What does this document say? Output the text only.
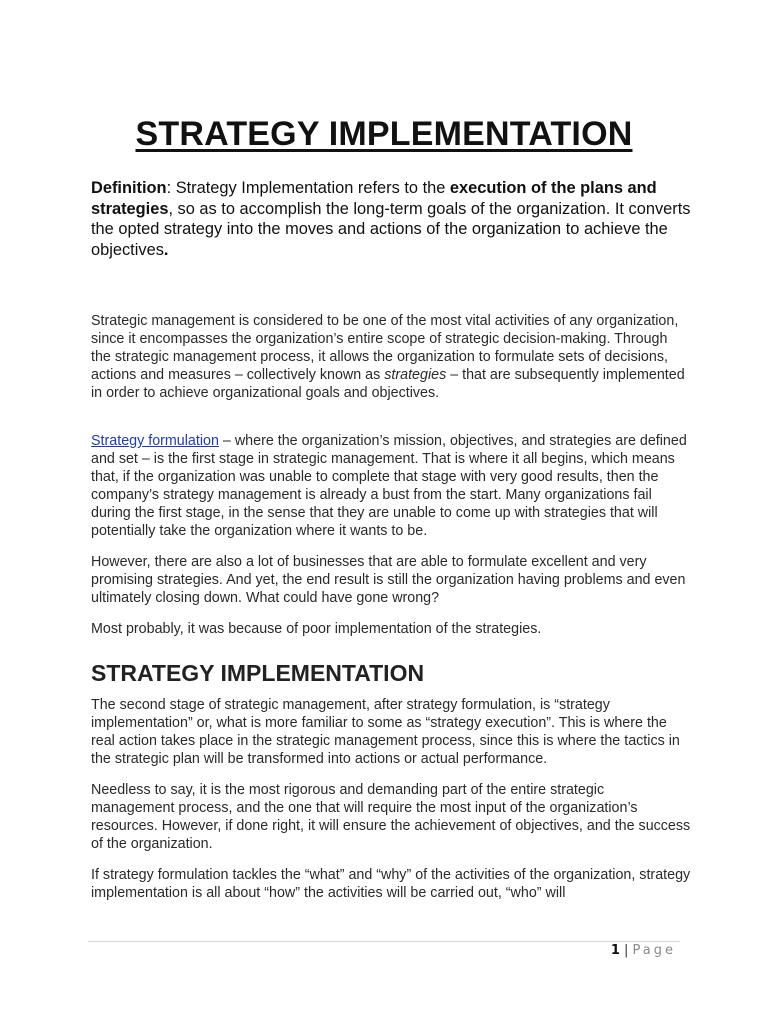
STRATEGY IMPLEMENTATION

Definition: Strategy Implementation refers to the execution of the plans and strategies, so as to accomplish the long-term goals of the organization. It converts the opted strategy into the moves and actions of the organization to achieve the objectives.

Strategic management is considered to be one of the most vital activities of any organization, since it encompasses the organization’s entire scope of strategic decision-making. Through the strategic management process, it allows the organization to formulate sets of decisions, actions and measures – collectively known as strategies – that are subsequently implemented in order to achieve organizational goals and objectives.

Strategy formulation – where the organization’s mission, objectives, and strategies are defined and set – is the first stage in strategic management. That is where it all begins, which means that, if the organization was unable to complete that stage with very good results, then the company’s strategy management is already a bust from the start. Many organizations fail during the first stage, in the sense that they are unable to come up with strategies that will potentially take the organization where it wants to be.

However, there are also a lot of businesses that are able to formulate excellent and very promising strategies. And yet, the end result is still the organization having problems and even ultimately closing down. What could have gone wrong?

Most probably, it was because of poor implementation of the strategies.

STRATEGY IMPLEMENTATION

The second stage of strategic management, after strategy formulation, is “strategy implementation” or, what is more familiar to some as “strategy execution”. This is where the real action takes place in the strategic management process, since this is where the tactics in the strategic plan will be transformed into actions or actual performance.

Needless to say, it is the most rigorous and demanding part of the entire strategic management process, and the one that will require the most input of the organization’s resources. However, if done right, it will ensure the achievement of objectives, and the success of the organization.

If strategy formulation tackles the “what” and “why” of the activities of the organization, strategy implementation is all about “how” the activities will be carried out, “who” will

1 | Page
